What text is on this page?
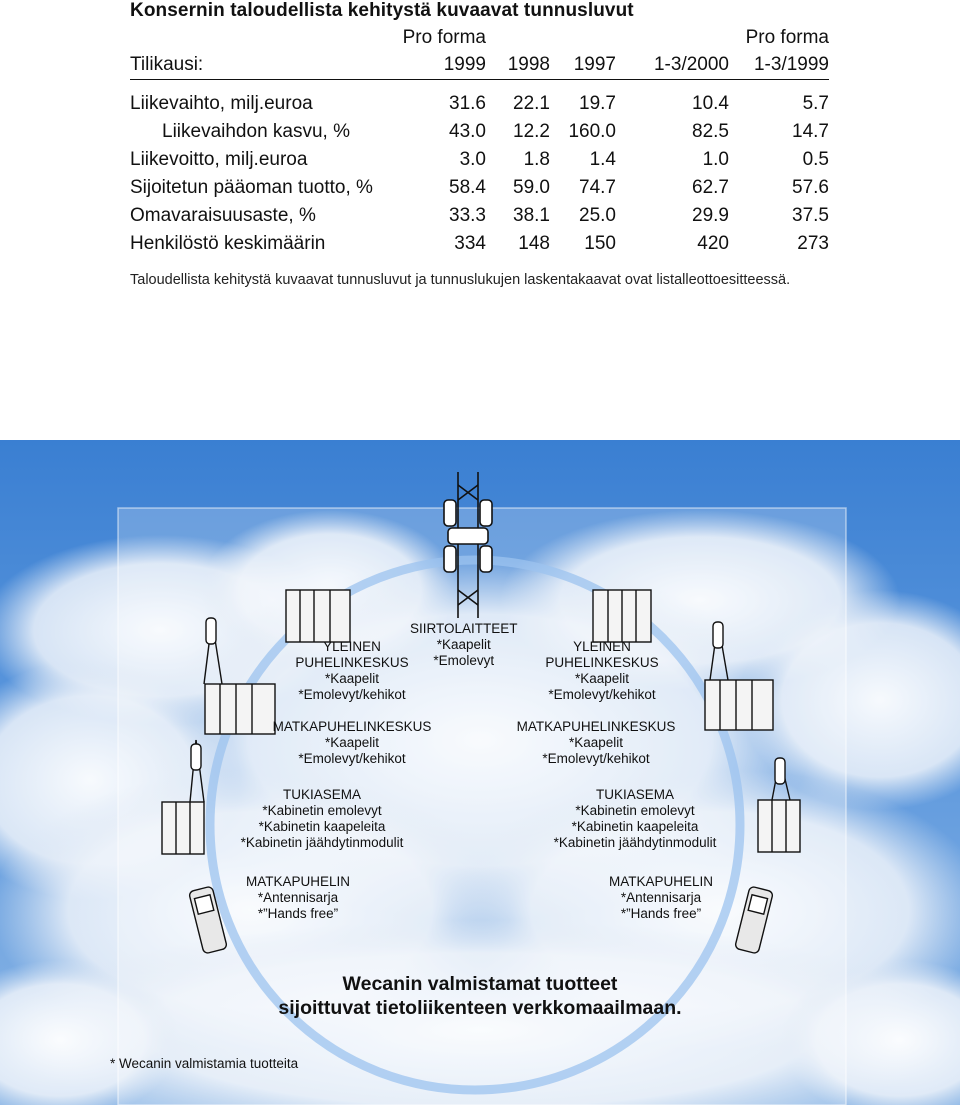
Konsernin taloudellista kehitystä kuvaavat tunnusluvut
	Pro forma				Pro forma
Tilikausi:	1999	1998	1997	1-3/2000	1-3/1999

Liikevaihto, milj.euroa	31.6	22.1	19.7	10.4	5.7
Liikevaihdon kasvu, %	43.0	12.2	160.0	82.5	14.7
Liikevoitto, milj.euroa	3.0	1.8	1.4	1.0	0.5
Sijoitetun pääoman tuotto, %	58.4	59.0	74.7	62.7	57.6
Omavaraisuusaste, %	33.3	38.1	25.0	29.9	37.5
Henkilöstö keskimäärin	334	148	150	420	273
Taloudellista kehitystä kuvaavat tunnusluvut ja tunnuslukujen laskentakaavat ovat listalleottoesitteessä.
SIIRTOLAITTEET
*Kaapelit
*Emolevyt
YLEINEN
PUHELINKESKUS
*Kaapelit
*Emolevyt/kehikot
YLEINEN
PUHELINKESKUS
*Kaapelit
*Emolevyt/kehikot
MATKAPUHELINKESKUS
*Kaapelit
*Emolevyt/kehikot
MATKAPUHELINKESKUS
*Kaapelit
*Emolevyt/kehikot
TUKIASEMA
*Kabinetin emolevyt
*Kabinetin kaapeleita
*Kabinetin jäähdytinmodulit
TUKIASEMA
*Kabinetin emolevyt
*Kabinetin kaapeleita
*Kabinetin jäähdytinmodulit
MATKAPUHELIN
*Antennisarja
*”Hands free”
MATKAPUHELIN
*Antennisarja
*”Hands free”
Wecanin valmistamat tuotteet
sijoittuvat tietoliikenteen verkkomaailmaan.
* Wecanin valmistamia tuotteita
